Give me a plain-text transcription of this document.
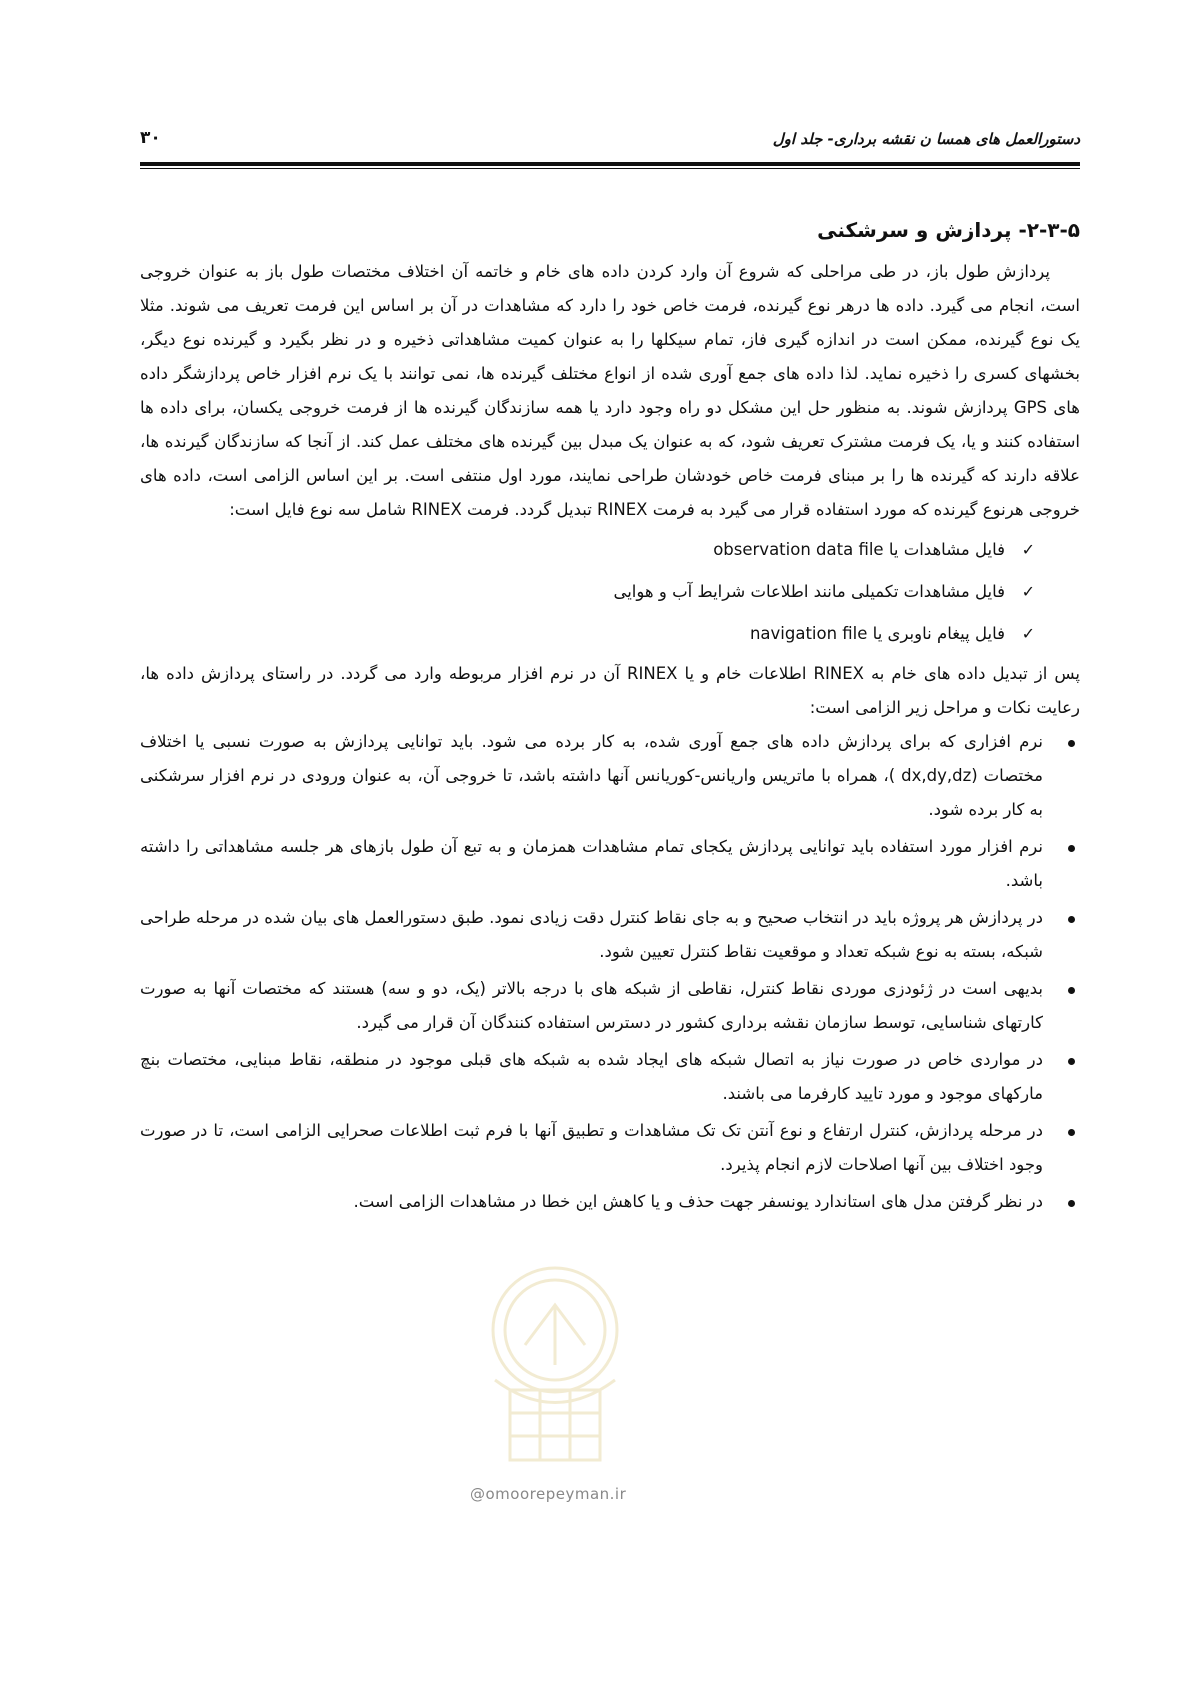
دستورالعمل های همسا ن نقشه برداری- جلد اول
۳۰
۲-۳-۵- پردازش و سرشکنی

پردازش طول باز، در طی مراحلی که شروع آن وارد کردن داده های خام و خاتمه آن اختلاف مختصات طول باز به عنوان خروجی است، انجام می گیرد. داده ها درهر نوع گیرنده، فرمت خاص خود را دارد که مشاهدات در آن بر اساس این فرمت تعریف می شوند. مثلا یک نوع گیرنده، ممکن است در اندازه گیری فاز، تمام سیکلها را به عنوان کمیت مشاهداتی ذخیره و در نظر بگیرد و گیرنده نوع دیگر، بخشهای کسری را ذخیره نماید. لذا داده های جمع آوری شده از انواع مختلف گیرنده ها، نمی توانند با یک نرم افزار خاص پردازشگر داده های GPS پردازش شوند. به منظور حل این مشکل دو راه وجود دارد یا همه سازندگان گیرنده ها از فرمت خروجی یکسان، برای داده ها استفاده کنند و یا، یک فرمت مشترک تعریف شود، که به عنوان یک مبدل بین گیرنده های مختلف عمل کند. از آنجا که سازندگان گیرنده ها، علاقه دارند که گیرنده ها را بر مبنای فرمت خاص خودشان طراحی نمایند، مورد اول منتفی است. بر این اساس الزامی است، داده های خروجی هرنوع گیرنده که مورد استفاده قرار می گیرد به فرمت RINEX تبدیل گردد. فرمت RINEX شامل سه نوع فایل است:

✓
فایل مشاهدات یا observation data file
✓
فایل مشاهدات تکمیلی مانند اطلاعات شرایط آب و هوایی
✓
فایل پیغام ناوبری یا navigation file

پس از تبدیل داده های خام به RINEX اطلاعات خام و یا RINEX آن در نرم افزار مربوطه وارد می گردد. در راستای پردازش داده ها، رعایت نکات و مراحل زیر الزامی است:

نرم افزاری که برای پردازش داده های جمع آوری شده، به کار برده می شود. باید توانایی پردازش به صورت نسبی یا اختلاف مختصات (dx,dy,dz )، همراه با ماتریس واریانس-کوریانس آنها داشته باشد، تا خروجی آن، به عنوان ورودی در نرم افزار سرشکنی به کار برده شود.
نرم افزار مورد استفاده باید توانایی پردازش یکجای تمام مشاهدات همزمان و به تبع آن طول بازهای هر جلسه مشاهداتی را داشته باشد.
در پردازش هر پروژه باید در انتخاب صحیح و به جای نقاط کنترل دقت زیادی نمود. طبق دستورالعمل های بیان شده در مرحله طراحی شبکه، بسته به نوع شبکه تعداد و موقعیت نقاط کنترل تعیین شود.
بدیهی است در ژئودزی موردی نقاط کنترل، نقاطی از شبکه های با درجه بالاتر (یک، دو و سه) هستند که مختصات آنها به صورت کارتهای شناسایی، توسط سازمان نقشه برداری کشور در دسترس استفاده کنندگان آن قرار می گیرد.
در مواردی خاص در صورت نیاز به اتصال شبکه های ایجاد شده به شبکه های قبلی موجود در منطقه، نقاط مبنایی، مختصات بنچ مارکهای موجود و مورد تایید کارفرما می باشند.
در مرحله پردازش، کنترل ارتفاع و نوع آنتن تک تک مشاهدات و تطبیق آنها با فرم ثبت اطلاعات صحرایی الزامی است، تا در صورت وجود اختلاف بین آنها اصلاحات لازم انجام پذیرد.
در نظر گرفتن مدل های استاندارد یونسفر جهت حذف و یا کاهش این خطا در مشاهدات الزامی است.
@omoorepeyman.ir
